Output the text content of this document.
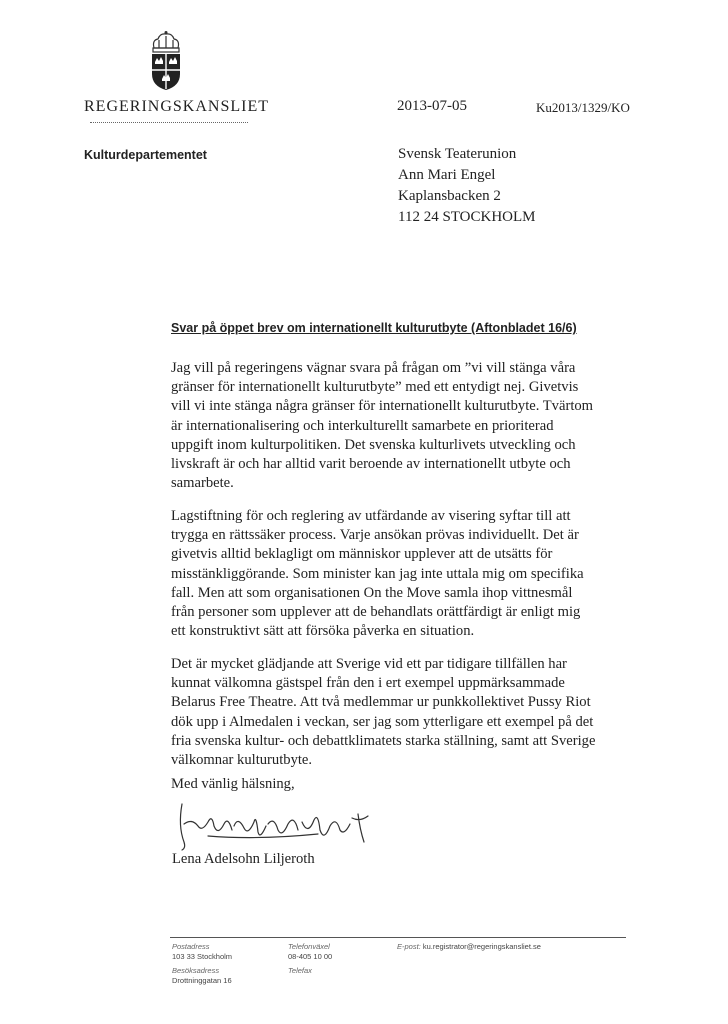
REGERINGSKANSLIET	2013-07-05	Ku2013/1329/KO
Kulturdepartementet	Svensk Teaterunion
Ann Mari Engel
Kaplansbacken 2
112 24 STOCKHOLM
Svar på öppet brev om internationellt kulturutbyte (Aftonbladet 16/6)
Jag vill på regeringens vägnar svara på frågan om ”vi vill stänga våra
gränser för internationellt kulturutbyte” med ett entydigt nej. Givetvis
vill vi inte stänga några gränser för internationellt kulturutbyte. Tvärtom
är internationalisering och interkulturellt samarbete en prioriterad
uppgift inom kulturpolitiken. Det svenska kulturlivets utveckling och
livskraft är och har alltid varit beroende av internationellt utbyte och
samarbete.
Lagstiftning för och reglering av utfärdande av visering syftar till att
trygga en rättssäker process. Varje ansökan prövas individuellt. Det är
givetvis alltid beklagligt om människor upplever att de utsätts för
misstänkliggörande. Som minister kan jag inte uttala mig om specifika
fall. Men att som organisationen On the Move samla ihop vittnesmål
från personer som upplever att de behandlats orättfärdigt är enligt mig
ett konstruktivt sätt att försöka påverka en situation.
Det är mycket glädjande att Sverige vid ett par tidigare tillfällen har
kunnat välkomna gästspel från den i ert exempel uppmärksammade
Belarus Free Theatre. Att två medlemmar ur punkkollektivet Pussy Riot
dök upp i Almedalen i veckan, ser jag som ytterligare ett exempel på det
fria svenska kultur- och debattklimatets starka ställning, samt att Sverige
välkomnar kulturutbyte.
Med vänlig hälsning,
Lena Adelsohn Liljeroth
Postadress
103 33 Stockholm
Telefonväxel
08-405 10 00
E-post: ku.registrator@regeringskansliet.se
Besöksadress
Drottninggatan 16
Telefax
